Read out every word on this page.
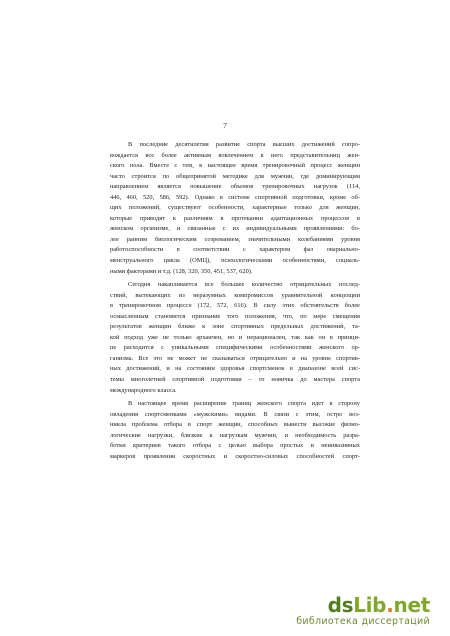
7

В последние десятилетия развитие спорта высших достижений сопро-
вождается все более активным вовлечением в него представительниц жен-
ского пола. Вместе с тем, в настоящее время тренировочный процесс женщин
часто строится по общепринятой методике для мужчин, где доминирующим
направлением является повышение объемов тренировочных нагрузок (114,
446, 460, 520, 586, 592). Однако в системе спортивной подготовки, кроме об-
щих положений, существуют особенности, характерные только для женщин,
которые приводят к различиям в протекании адаптационных процессов в
женском организме, и связанные с их индивидуальными проявлениями: бо-
лее ранним биологическим созреванием, значительными колебаниями уровня
работоспособности в соответствии с характером фаз овариально-
менструального цикла (ОМЦ), психологическими особенностями, социаль-
ными факторами и т.д. (128, 320, 350, 451, 537, 620).

Сегодня накапливается все большее количество отрицательных послед-
ствий, вытекающих из неразумных компромиссов уравнительной концепции
в тренировочном процессе (172, 572, 616). В силу этих обстоятельств более
осмысленным становится признание того положения, что, по мере смещения
результатов женщин ближе к зоне спортивных предельных достижений, та-
кой подход уже не только архаичен, но и нерационален, так как он в принци-
пе расходится с уникальными специфическими особенностями женского ор-
ганизма. Все это не может не сказываться отрицательно и на уровне спортив-
ных достижений, и на состоянии здоровья спортсменок в диапазоне всей сис-
темы многолетней спортивной подготовки – от новичка до мастера спорта
международного класса.

В настоящее время расширение границ женского спорта идет в сторону
овладения спортсменками «мужскими» видами. В связи с этим, остро воз-
никла проблема отбора в спорт женщин, способных вынести высокие физио-
логические нагрузки, близкие к нагрузкам мужчин, и необходимость разра-
ботки критериев такого отбора с целью выбора простых и неинвазивных
маркеров проявления скоростных и скоростно-силовых способностей спорт-

dsLib.net
библиотека диссертаций
